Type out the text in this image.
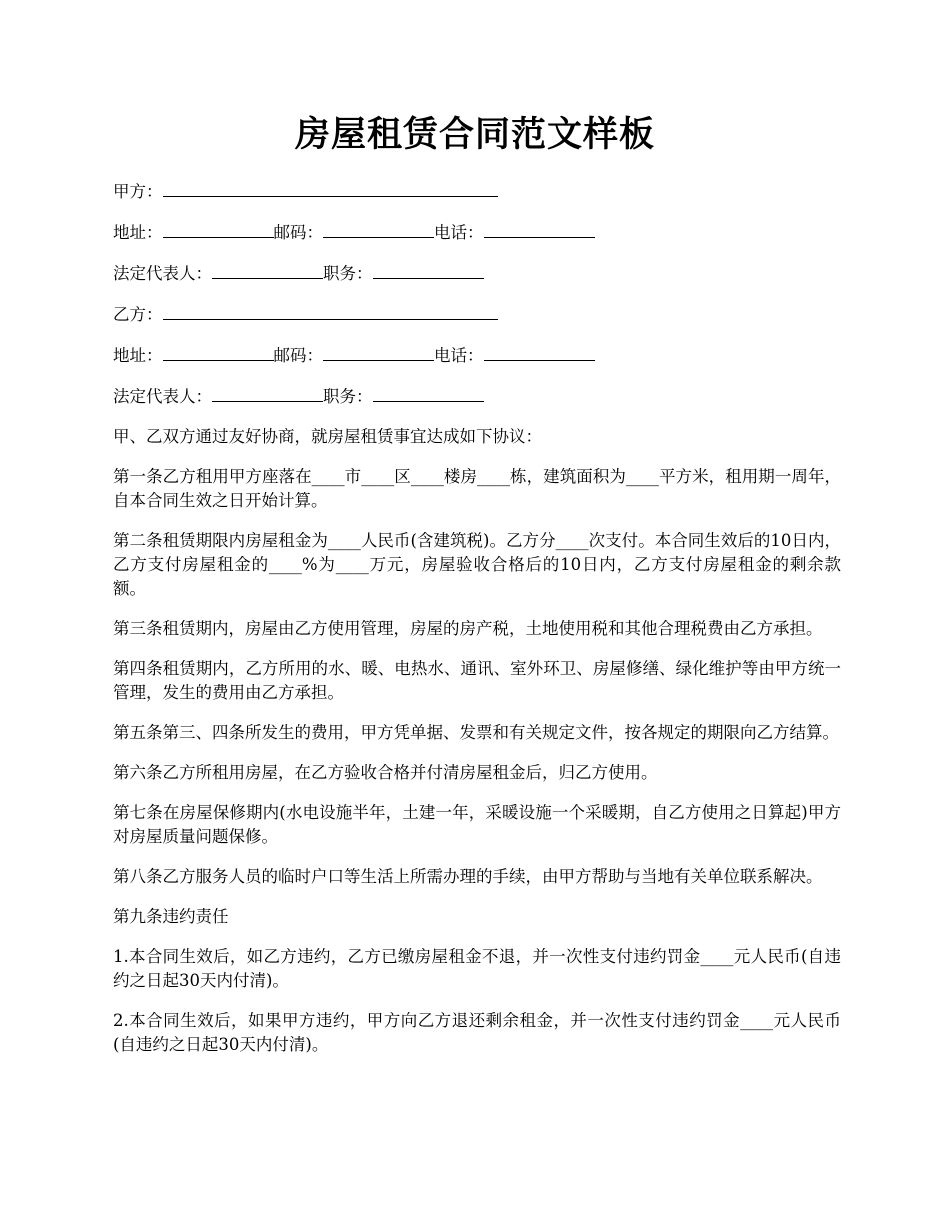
房屋租赁合同范文样板
甲方：
地址：	邮码：	电话：
法定代表人：	职务：
乙方：
地址：	邮码：	电话：
法定代表人：	职务：

甲、乙双方通过友好协商，就房屋租赁事宜达成如下协议：

第一条乙方租用甲方座落在____市____区____楼房____栋，建筑面积为____平方米，租用期一周年，自本合同生效之日开始计算。

第二条租赁期限内房屋租金为____人民币(含建筑税)。乙方分____次支付。本合同生效后的10日内，乙方支付房屋租金的____%为____万元，房屋验收合格后的10日内，乙方支付房屋租金的剩余款额。

第三条租赁期内，房屋由乙方使用管理，房屋的房产税，土地使用税和其他合理税费由乙方承担。

第四条租赁期内，乙方所用的水、暖、电热水、通讯、室外环卫、房屋修缮、绿化维护等由甲方统一管理，发生的费用由乙方承担。

第五条第三、四条所发生的费用，甲方凭单据、发票和有关规定文件，按各规定的期限向乙方结算。

第六条乙方所租用房屋，在乙方验收合格并付清房屋租金后，归乙方使用。

第七条在房屋保修期内(水电设施半年，土建一年，采暖设施一个采暖期，自乙方使用之日算起)甲方对房屋质量问题保修。

第八条乙方服务人员的临时户口等生活上所需办理的手续，由甲方帮助与当地有关单位联系解决。

第九条违约责任

1.本合同生效后，如乙方违约，乙方已缴房屋租金不退，并一次性支付违约罚金____元人民币(自违约之日起30天内付清)。

2.本合同生效后，如果甲方违约，甲方向乙方退还剩余租金，并一次性支付违约罚金____元人民币(自违约之日起30天内付清)。
